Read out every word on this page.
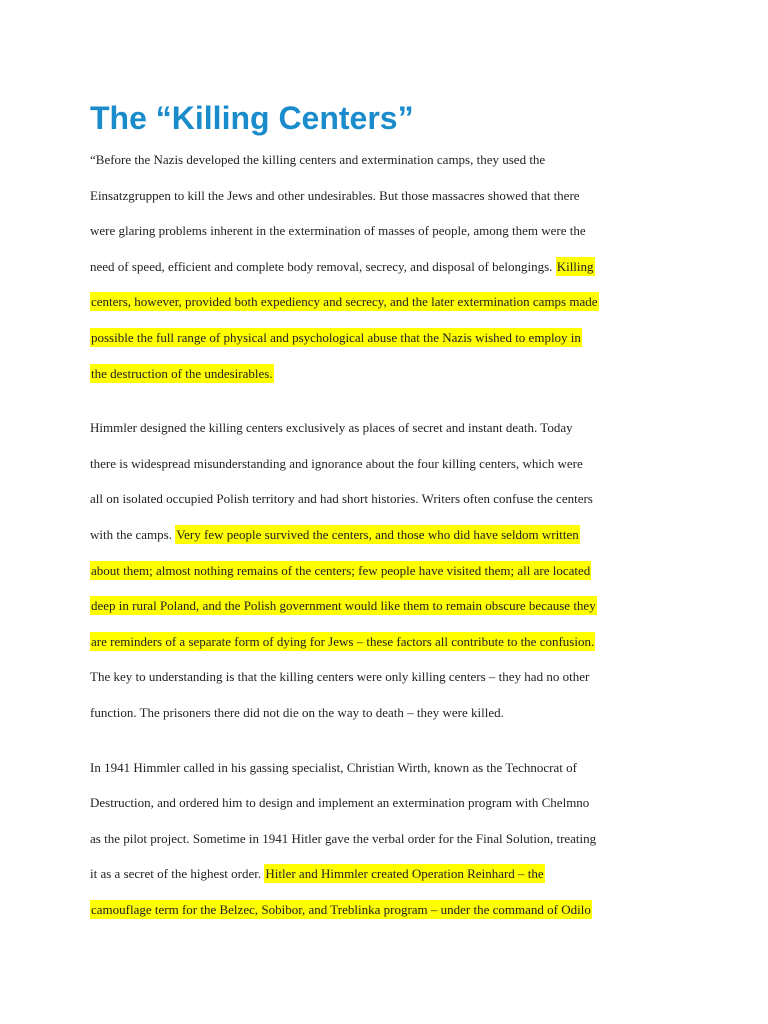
The “Killing Centers”

“Before the Nazis developed the killing centers and extermination camps, they used the
Einsatzgruppen to kill the Jews and other undesirables. But those massacres showed that there
were glaring problems inherent in the extermination of masses of people, among them were the
need of speed, efficient and complete body removal, secrecy, and disposal of belongings. Killing
centers, however, provided both expediency and secrecy, and the later extermination camps made
possible the full range of physical and psychological abuse that the Nazis wished to employ in
the destruction of the undesirables.

Himmler designed the killing centers exclusively as places of secret and instant death. Today
there is widespread misunderstanding and ignorance about the four killing centers, which were
all on isolated occupied Polish territory and had short histories. Writers often confuse the centers
with the camps. Very few people survived the centers, and those who did have seldom written
about them; almost nothing remains of the centers; few people have visited them; all are located
deep in rural Poland, and the Polish government would like them to remain obscure because they
are reminders of a separate form of dying for Jews – these factors all contribute to the confusion.
The key to understanding is that the killing centers were only killing centers – they had no other
function. The prisoners there did not die on the way to death – they were killed.

In 1941 Himmler called in his gassing specialist, Christian Wirth, known as the Technocrat of
Destruction, and ordered him to design and implement an extermination program with Chelmno
as the pilot project. Sometime in 1941 Hitler gave the verbal order for the Final Solution, treating
it as a secret of the highest order. Hitler and Himmler created Operation Reinhard – the
camouflage term for the Belzec, Sobibor, and Treblinka program – under the command of Odilo
